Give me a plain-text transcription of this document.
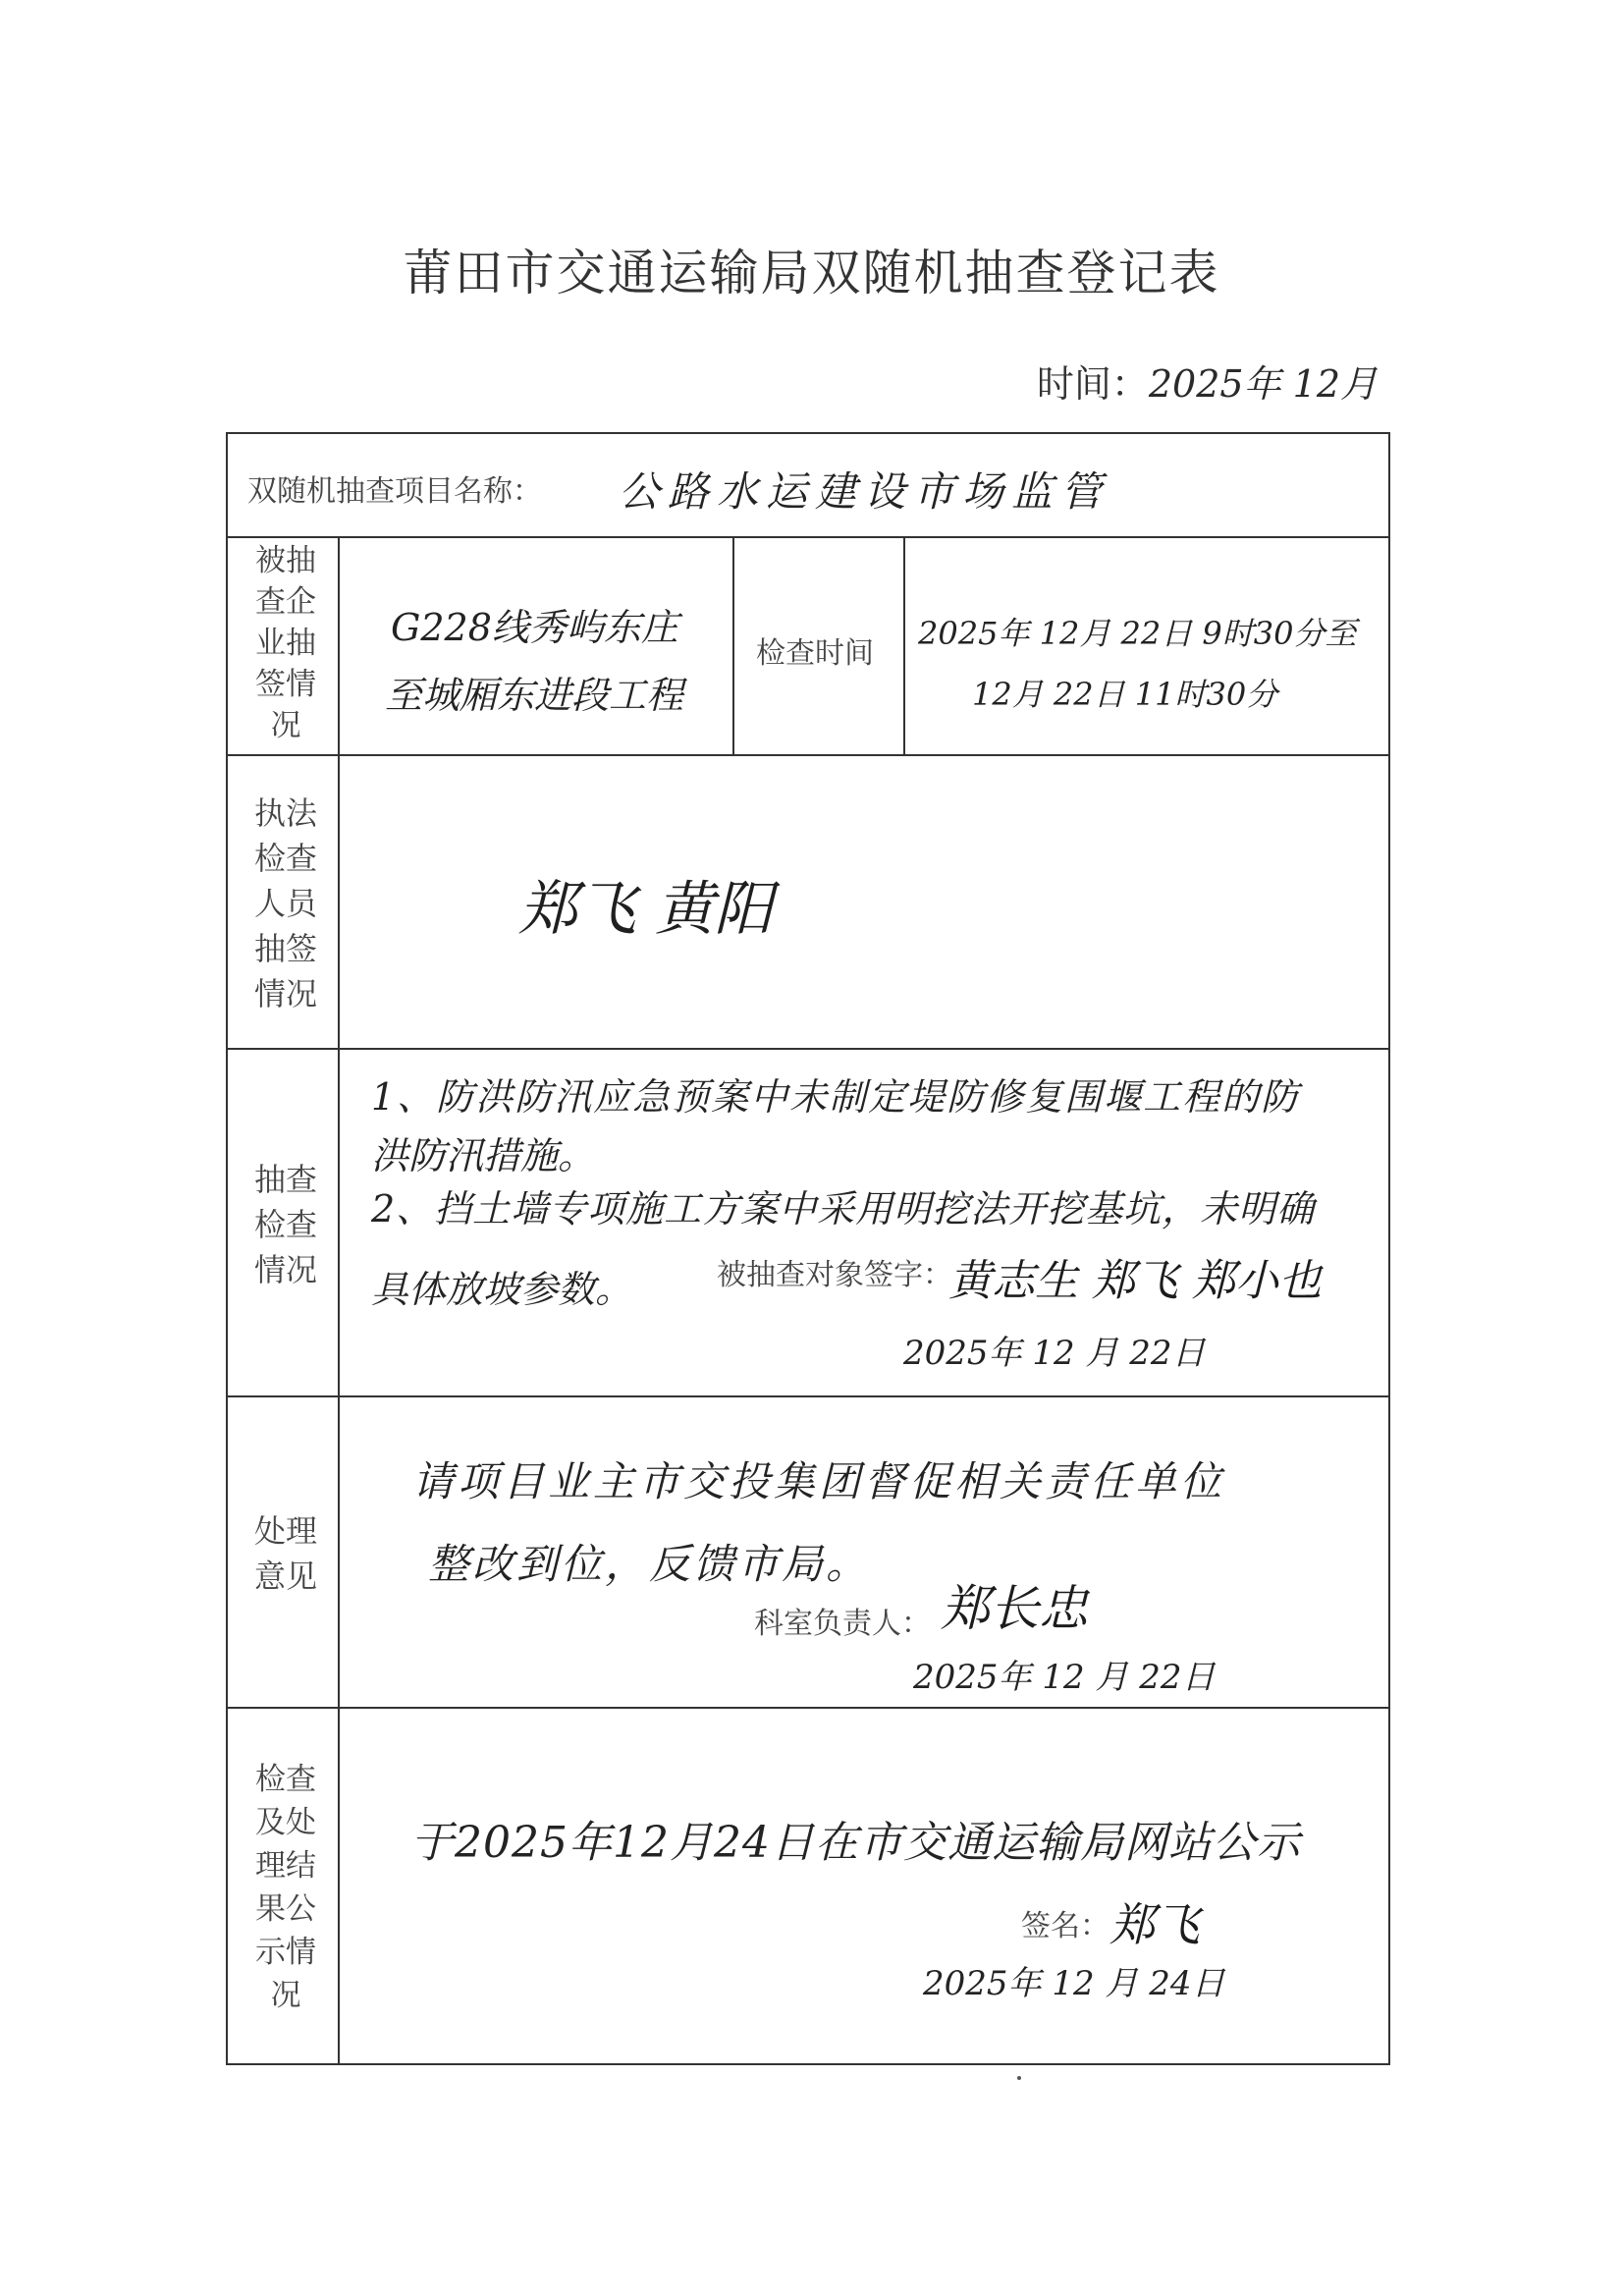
莆田市交通运输局双随机抽查登记表
时间：2025年 12月
双随机抽查项目名称： 公路水运建设市场监管
被抽查企业抽签情况
G228线秀屿东庄
至城厢东进段工程
检查时间
2025年 12月 22日 9时30分至
12月 22日 11时30分
执法检查人员抽签情况
郑飞 黄阳
抽查检查情况
1、防洪防汛应急预案中未制定堤防修复围堰工程的防
洪防汛措施。
2、挡土墙专项施工方案中采用明挖法开挖基坑，未明确
具体放坡参数。	被抽查对象签字：
黄志生 郑飞 郑小也
2025年 12 月 22日
处理意见
请项目业主市交投集团督促相关责任单位
整改到位，反馈市局。
科室负责人： 郑长忠
2025年 12 月 22日
检查及处理结果公示情况
于2025年12月24日在市交通运输局网站公示
签名： 郑飞
2025年 12 月 24日
